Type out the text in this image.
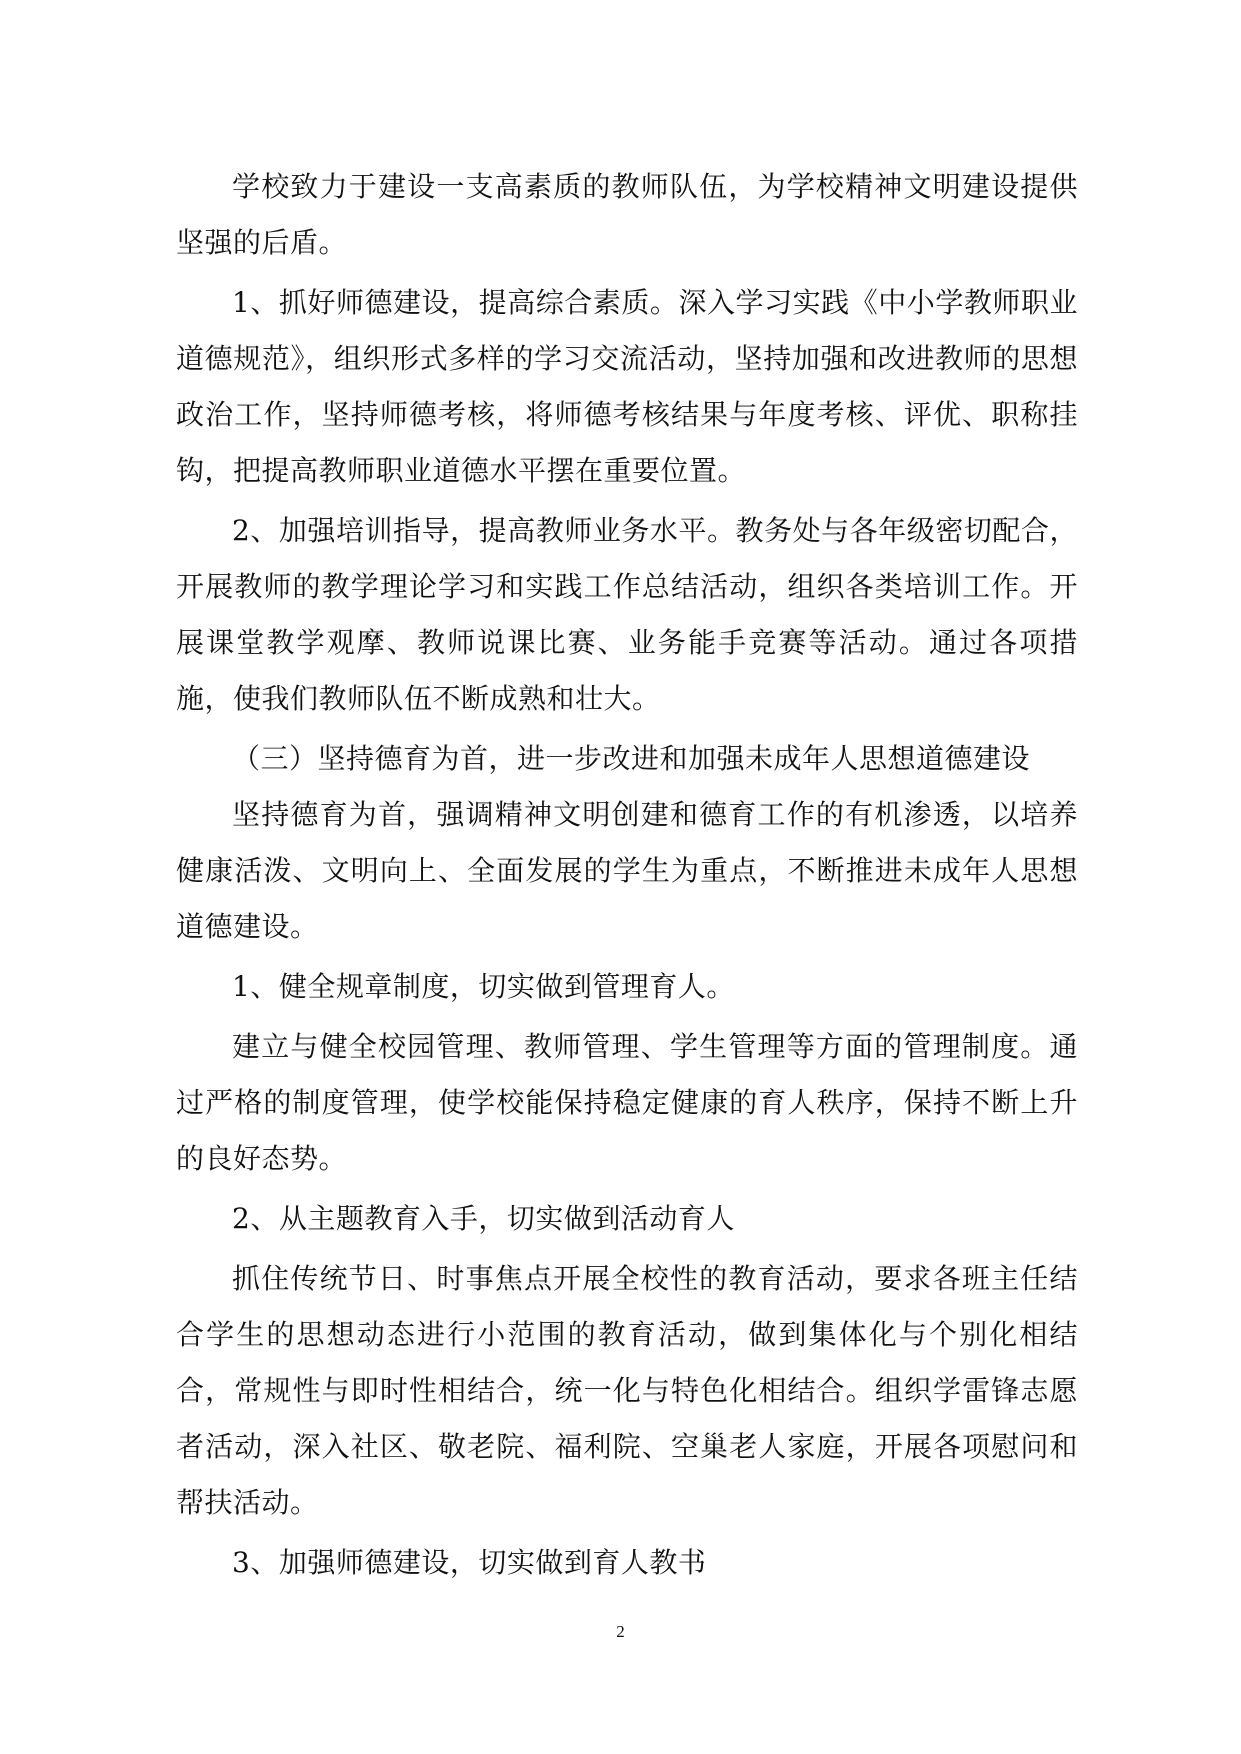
学校致力于建设一支高素质的教师队伍，为学校精神文明建设提供坚强的后盾。

1、抓好师德建设，提高综合素质。深入学习实践《中小学教师职业道德规范》，组织形式多样的学习交流活动，坚持加强和改进教师的思想政治工作，坚持师德考核，将师德考核结果与年度考核、评优、职称挂钩，把提高教师职业道德水平摆在重要位置。

2、加强培训指导，提高教师业务水平。教务处与各年级密切配合，开展教师的教学理论学习和实践工作总结活动，组织各类培训工作。开展课堂教学观摩、教师说课比赛、业务能手竞赛等活动。通过各项措施，使我们教师队伍不断成熟和壮大。

（三）坚持德育为首，进一步改进和加强未成年人思想道德建设

坚持德育为首，强调精神文明创建和德育工作的有机渗透，以培养健康活泼、文明向上、全面发展的学生为重点，不断推进未成年人思想道德建设。

1、健全规章制度，切实做到管理育人。

建立与健全校园管理、教师管理、学生管理等方面的管理制度。通过严格的制度管理，使学校能保持稳定健康的育人秩序，保持不断上升的良好态势。

2、从主题教育入手，切实做到活动育人

抓住传统节日、时事焦点开展全校性的教育活动，要求各班主任结合学生的思想动态进行小范围的教育活动，做到集体化与个别化相结合，常规性与即时性相结合，统一化与特色化相结合。组织学雷锋志愿者活动，深入社区、敬老院、福利院、空巢老人家庭，开展各项慰问和帮扶活动。

3、加强师德建设，切实做到育人教书

2
